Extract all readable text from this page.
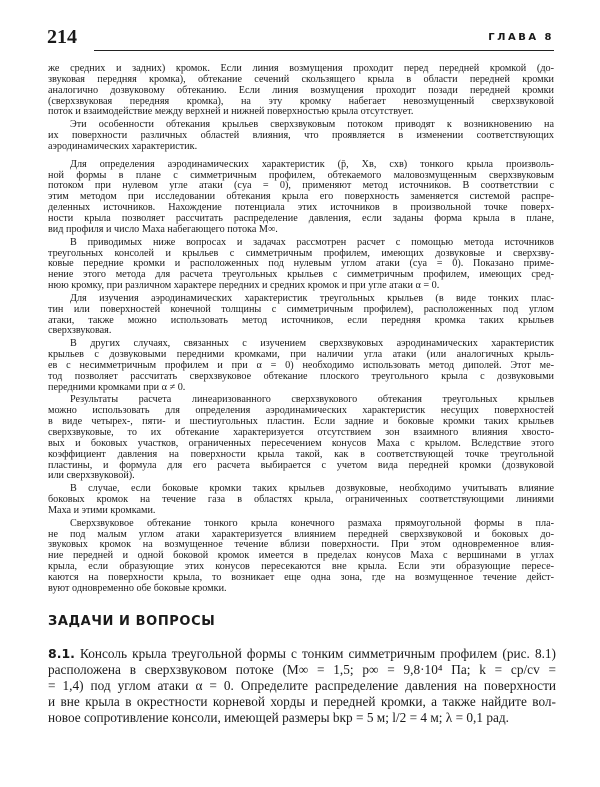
214	ГЛАВА 8
же средних и задних) кромок. Если линия возмущения проходит перед передней кромкой (до-
звуковая передняя кромка), обтекание сечений скользящего крыла в области передней кромки
аналогично дозвуковому обтеканию. Если линия возмущения проходит позади передней кромки
(сверхзвуковая передняя кромка), на эту кромку набегает невозмущенный сверхзвуковой
поток и взаимодействие между верхней и нижней поверхностью крыла отсутствует.
Эти особенности обтекания крыльев сверхзвуковым потоком приводят к возникновению на
их поверхности различных областей влияния, что проявляется в изменении соответствующих
аэродинамических характеристик.
Для определения аэродинамических характеристик (p̄, Xв, cхв) тонкого крыла произволь-
ной формы в плане с симметричным профилем, обтекаемого маловозмущенным сверхзвуковым
потоком при нулевом угле атаки (cya = 0), применяют метод источников. В соответствии с
этим методом при исследовании обтекания крыла его поверхность заменяется системой распре-
деленных источников. Нахождение потенциала этих источников в произвольной точке поверх-
ности крыла позволяет рассчитать распределение давления, если заданы форма крыла в плане,
вид профиля и число Маха набегающего потока M∞.
В приводимых ниже вопросах и задачах рассмотрен расчет с помощью метода источников
треугольных консолей и крыльев с симметричным профилем, имеющих дозвуковые и сверхзву-
ковые передние кромки и расположенных под нулевым углом атаки (cya = 0). Показано приме-
нение этого метода для расчета треугольных крыльев с симметричным профилем, имеющих сред-
нюю кромку, при различном характере передних и средних кромок и при угле атаки α = 0.
Для изучения аэродинамических характеристик треугольных крыльев (в виде тонких плас-
тин или поверхностей конечной толщины с симметричным профилем), расположенных под углом
атаки, также можно использовать метод источников, если передняя кромка таких крыльев
сверхзвуковая.
В других случаях, связанных с изучением сверхзвуковых аэродинамических характеристик
крыльев с дозвуковыми передними кромками, при наличии угла атаки (или аналогичных крыль-
ев с несимметричным профилем и при α = 0) необходимо использовать метод диполей. Этот ме-
тод позволяет рассчитать сверхзвуковое обтекание плоского треугольного крыла с дозвуковыми
передними кромками при α ≠ 0.
Результаты расчета линеаризованного сверхзвукового обтекания треугольных крыльев
можно использовать для определения аэродинамических характеристик несущих поверхностей
в виде четырех-, пяти- и шестиугольных пластин. Если задние и боковые кромки таких крыльев
сверхзвуковые, то их обтекание характеризуется отсутствием зон взаимного влияния хвосто-
вых и боковых участков, ограниченных пересечением конусов Маха с крылом. Вследствие этого
коэффициент давления на поверхности крыла такой, как в соответствующей точке треугольной
пластины, и формула для его расчета выбирается с учетом вида передней кромки (дозвуковой
или сверхзвуковой).
В случае, если боковые кромки таких крыльев дозвуковые, необходимо учитывать влияние
боковых кромок на течение газа в областях крыла, ограниченных соответствующими линиями
Маха и этими кромками.
Сверхзвуковое обтекание тонкого крыла конечного размаха прямоугольной формы в пла-
не под малым углом атаки характеризуется влиянием передней сверхзвуковой и боковых до-
звуковых кромок на возмущенное течение вблизи поверхности. При этом одновременное влия-
ние передней и одной боковой кромок имеется в пределах конусов Маха с вершинами в углах
крыла, если образующие этих конусов пересекаются вне крыла. Если эти образующие пересе-
каются на поверхности крыла, то возникает еще одна зона, где на возмущенное течение дейст-
вуют одновременно обе боковые кромки.
ЗАДАЧИ И ВОПРОСЫ
8.1. Консоль крыла треугольной формы с тонким симметричным профилем (рис. 8.1)
расположена в сверхзвуковом потоке (M∞ = 1,5; p∞ = 9,8·10⁴ Па; k = cp/cv =
= 1,4) под углом атаки α = 0. Определите распределение давления на поверхности
и вне крыла в окрестности корневой хорды и передней кромки, а также найдите вол-
новое сопротивление консоли, имеющей размеры bкр = 5 м; l/2 = 4 м; λ = 0,1 рад.
